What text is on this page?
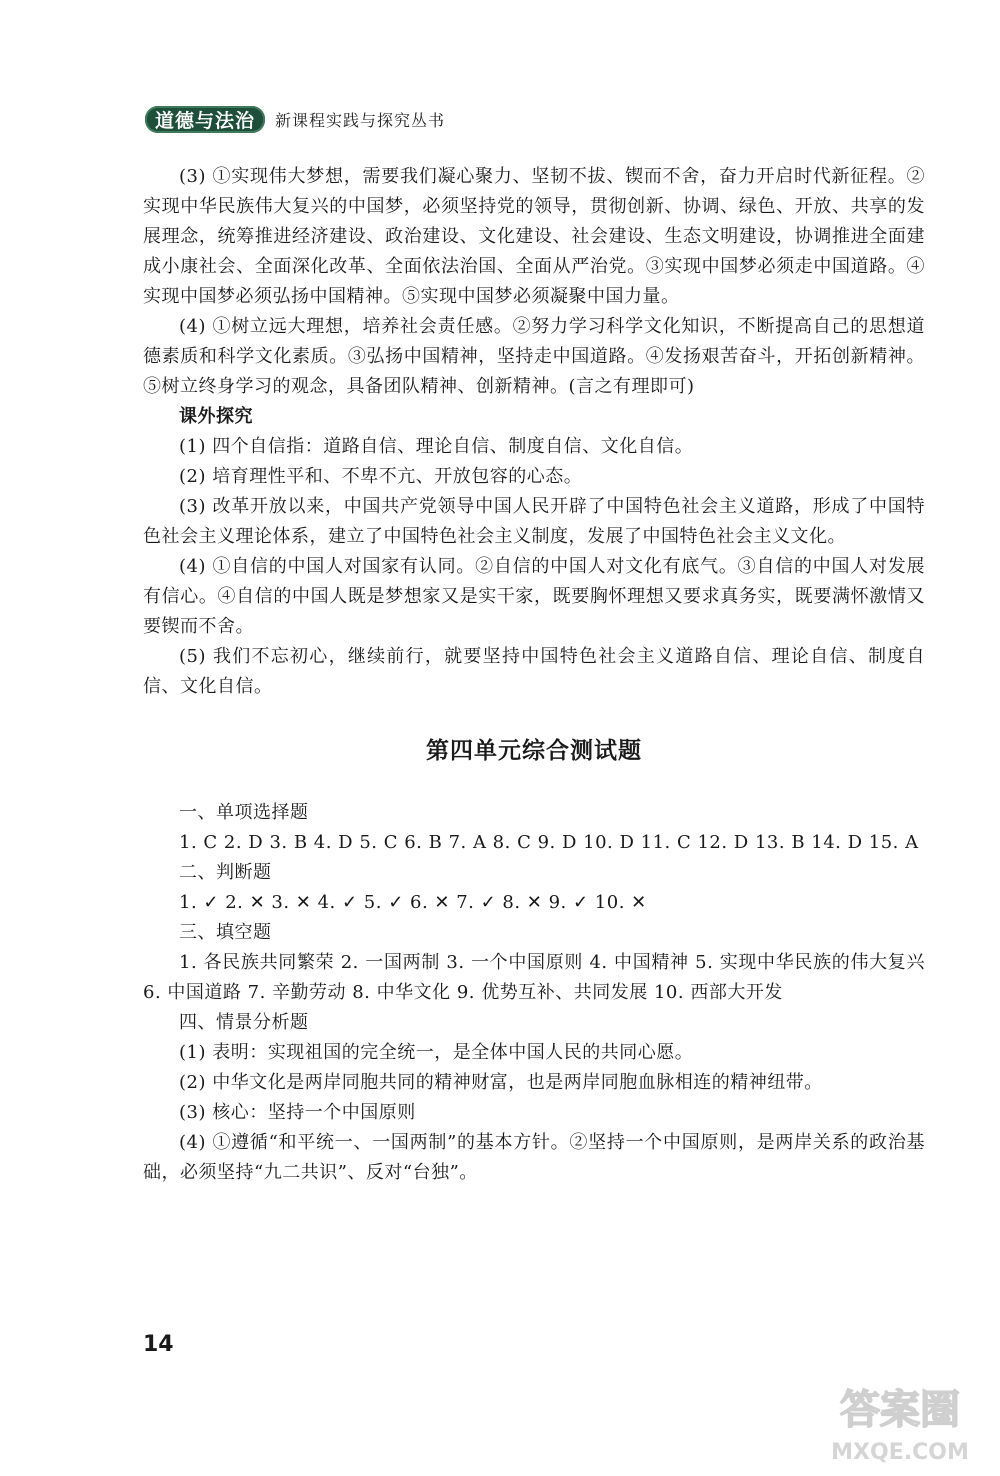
道德与法治	新课程实践与探究丛书

(3) ①实现伟大梦想，需要我们凝心聚力、坚韧不拔、锲而不舍，奋力开启时代新征程。②实现中华民族伟大复兴的中国梦，必须坚持党的领导，贯彻创新、协调、绿色、开放、共享的发展理念，统筹推进经济建设、政治建设、文化建设、社会建设、生态文明建设，协调推进全面建成小康社会、全面深化改革、全面依法治国、全面从严治党。③实现中国梦必须走中国道路。④实现中国梦必须弘扬中国精神。⑤实现中国梦必须凝聚中国力量。

(4) ①树立远大理想，培养社会责任感。②努力学习科学文化知识，不断提高自己的思想道德素质和科学文化素质。③弘扬中国精神，坚持走中国道路。④发扬艰苦奋斗，开拓创新精神。⑤树立终身学习的观念，具备团队精神、创新精神。(言之有理即可)

课外探究

(1) 四个自信指：道路自信、理论自信、制度自信、文化自信。

(2) 培育理性平和、不卑不亢、开放包容的心态。

(3) 改革开放以来，中国共产党领导中国人民开辟了中国特色社会主义道路，形成了中国特色社会主义理论体系，建立了中国特色社会主义制度，发展了中国特色社会主义文化。

(4) ①自信的中国人对国家有认同。②自信的中国人对文化有底气。③自信的中国人对发展有信心。④自信的中国人既是梦想家又是实干家，既要胸怀理想又要求真务实，既要满怀激情又要锲而不舍。

(5) 我们不忘初心，继续前行，就要坚持中国特色社会主义道路自信、理论自信、制度自信、文化自信。

第四单元综合测试题

一、单项选择题

1. C 2. D 3. B 4. D 5. C 6. B 7. A 8. C 9. D 10. D 11. C 12. D 13. B 14. D 15. A

二、判断题

1. ✓ 2. ✕ 3. ✕ 4. ✓ 5. ✓ 6. ✕ 7. ✓ 8. ✕ 9. ✓ 10. ✕

三、填空题

1. 各民族共同繁荣 2. 一国两制 3. 一个中国原则 4. 中国精神 5. 实现中华民族的伟大复兴 6. 中国道路 7. 辛勤劳动 8. 中华文化 9. 优势互补、共同发展 10. 西部大开发

四、情景分析题

(1) 表明：实现祖国的完全统一，是全体中国人民的共同心愿。

(2) 中华文化是两岸同胞共同的精神财富，也是两岸同胞血脉相连的精神纽带。

(3) 核心：坚持一个中国原则

(4) ①遵循“和平统一、一国两制”的基本方针。②坚持一个中国原则，是两岸关系的政治基础，必须坚持“九二共识”、反对“台独”。

14
答案圈
MXQE.COM
